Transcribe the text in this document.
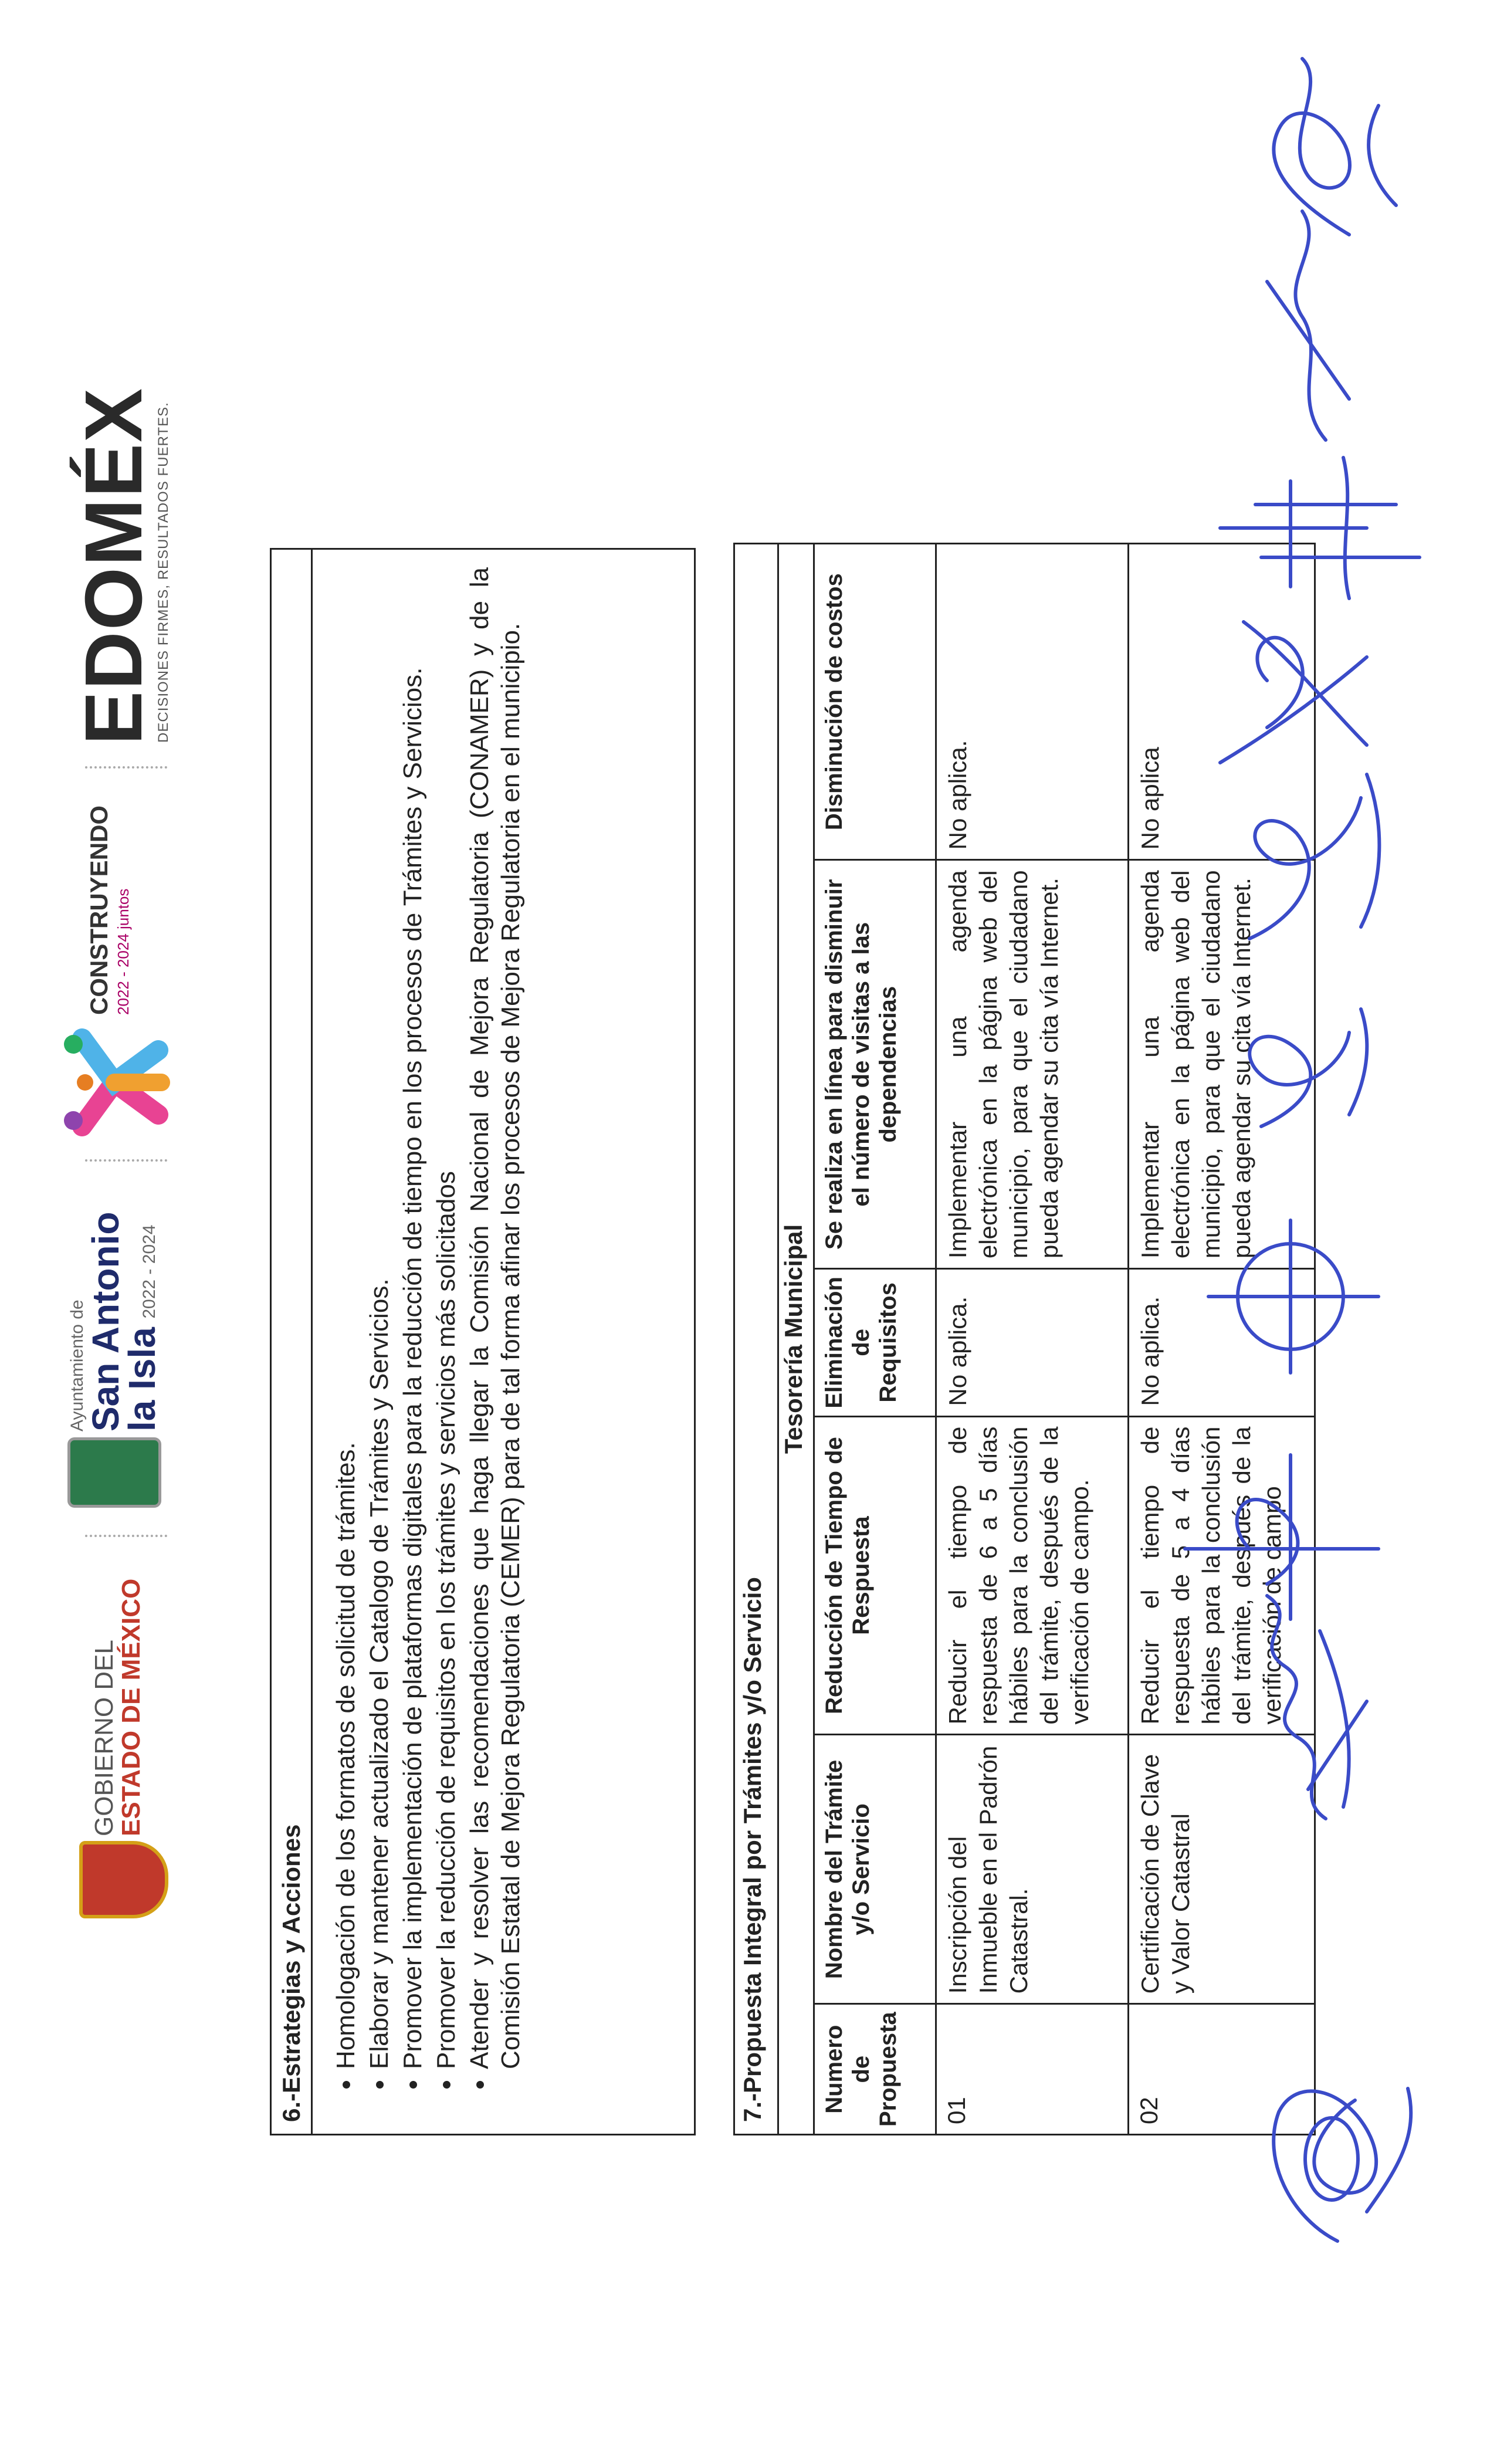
GOBIERNO DEL
ESTADO DE MÉXICO
Ayuntamiento de
San Antonio
la Isla 2022 - 2024
CONSTRUYENDO 2022 - 2024 juntos
EDOMÉX
DECISIONES FIRMES, RESULTADOS FUERTES.
6.-Estrategias y Acciones • Homologación de los formatos de solicitud de trámites. • Elaborar y mantener actualizado el Catalogo de Trámites y Servicios. • Promover la implementación de plataformas digitales para la reducción de tiempo en los procesos de Trámites y Servicios. • Promover la reducción de requisitos en los trámites y servicios más solicitados • Atender y resolver las recomendaciones que haga llegar la Comisión Nacional de Mejora Regulatoria (CONAMER) y de la Comisión Estatal de Mejora Regulatoria (CEMER) para de tal forma afinar los procesos de Mejora Regulatoria en el municipio.	7.-Propuesta Integral por Trámites y/o Servicio					
Tesorería Municipal					
Numero de Propuesta	Nombre del Trámite y/o Servicio	Reducción de Tiempo de Respuesta	Eliminación de Requisitos	Se realiza en línea para disminuir el número de visitas a las dependencias	Disminución de costos
01	Inscripción del Inmueble en el Padrón Catastral.	Reducir el tiempo de respuesta de 6 a 5 días hábiles para la conclusión del trámite, después de la verificación de campo.	No aplica.	Implementar una agenda electrónica en la página web del municipio, para que el ciudadano pueda agendar su cita vía Internet.	No aplica.
02	Certificación de Clave y Valor Catastral	Reducir el tiempo de respuesta de 5 a 4 días hábiles para la conclusión del trámite, después de la verificación de campo	No aplica.	Implementar una agenda electrónica en la página web del municipio, para que el ciudadano pueda agendar su cita vía Internet.	No aplica
